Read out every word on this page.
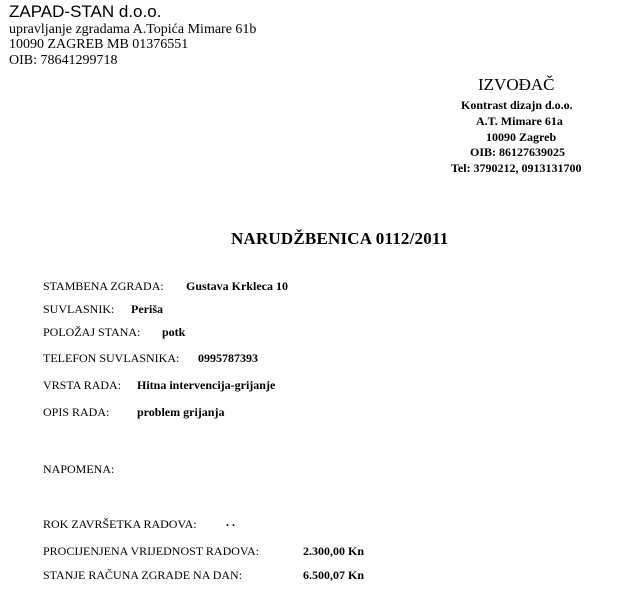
ZAPAD-STAN d.o.o.
upravljanje zgradama A.Topića Mimare 61b
10090 ZAGREB MB 01376551
OIB: 78641299718
IZVOĐAČ
Kontrast dizajn d.o.o.
A.T. Mimare 61a
10090 Zagreb
OIB: 86127639025
Tel: 3790212, 0913131700
NARUDŽBENICA 0112/2011
STAMBENA ZGRADA: Gustava Krkleca 10
SUVLASNIK: Periša
POLOŽAJ STANA: potk
TELEFON SUVLASNIKA: 0995787393
VRSTA RADA: Hitna intervencija-grijanje
OPIS RADA: problem grijanja
NAPOMENA:
ROK ZAVRŠETKA RADOVA: . .
PROCIJENJENA VRIJEDNOST RADOVA:	2.300,00 Kn
STANJE RAČUNA ZGRADE NA DAN:	6.500,07 Kn
